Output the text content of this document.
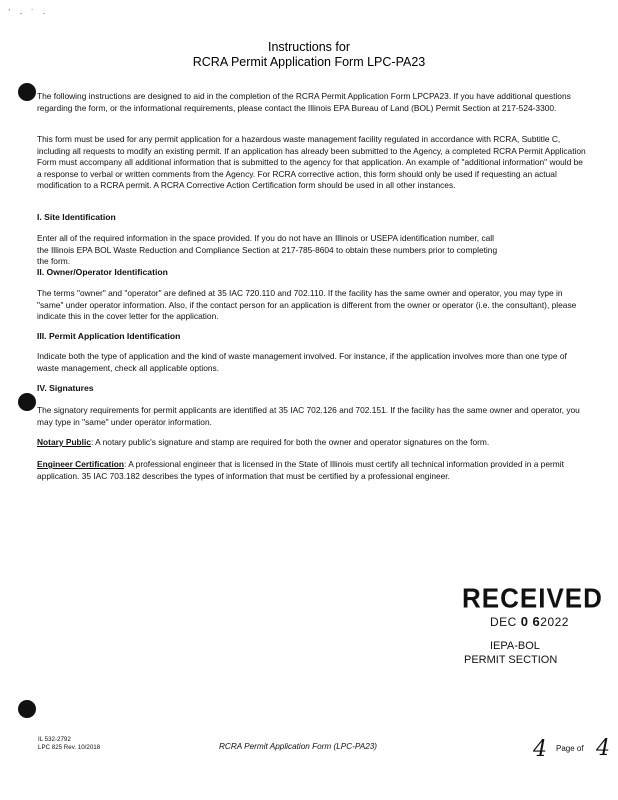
ˋ · ˙ ·
Instructions for
RCRA Permit Application Form LPC-PA23
The following instructions are designed to aid in the completion of the RCRA Permit Application Form LPCPA23. If you have additional questions regarding the form, or the informational requirements, please contact the Illinois EPA Bureau of Land (BOL) Permit Section at 217-524-3300.
This form must be used for any permit application for a hazardous waste management facility regulated in accordance with RCRA, Subtitle C, including all requests to modify an existing permit. If an application has already been submitted to the Agency, a completed RCRA Permit Application Form must accompany all additional information that is submitted to the agency for that application. An example of "additional information" would be a response to verbal or written comments from the Agency. For RCRA corrective action, this form should only be used if requesting an actual modification to a RCRA permit. A RCRA Corrective Action Certification form should be used in all other instances.
I. Site Identification
Enter all of the required information in the space provided. If you do not have an Illinois or USEPA identification number, call the Illinois EPA BOL Waste Reduction and Compliance Section at 217-785-8604 to obtain these numbers prior to completing the form.
II. Owner/Operator Identification
The terms "owner" and "operator" are defined at 35 IAC 720.110 and 702.110. If the facility has the same owner and operator, you may type in "same" under operator information. Also, if the contact person for an application is different from the owner or operator (i.e. the consultant), please indicate this in the cover letter for the application.
III. Permit Application Identification
Indicate both the type of application and the kind of waste management involved. For instance, if the application involves more than one type of waste management, check all applicable options.
IV. Signatures
The signatory requirements for permit applicants are identified at 35 IAC 702.126 and 702.151. If the facility has the same owner and operator, you may type in "same" under operator information.
Notary Public: A notary public's signature and stamp are required for both the owner and operator signatures on the form.
Engineer Certification: A professional engineer that is licensed in the State of Illinois must certify all technical information provided in a permit application. 35 IAC 703.182 describes the types of information that must be certified by a professional engineer.
RECEIVED
DEC 0 62022
IEPA-BOL
PERMIT SECTION
IL 532-2792
LPC 825 Rev. 10/2018	RCRA Permit Application Form (LPC-PA23)	4 Page of 4
